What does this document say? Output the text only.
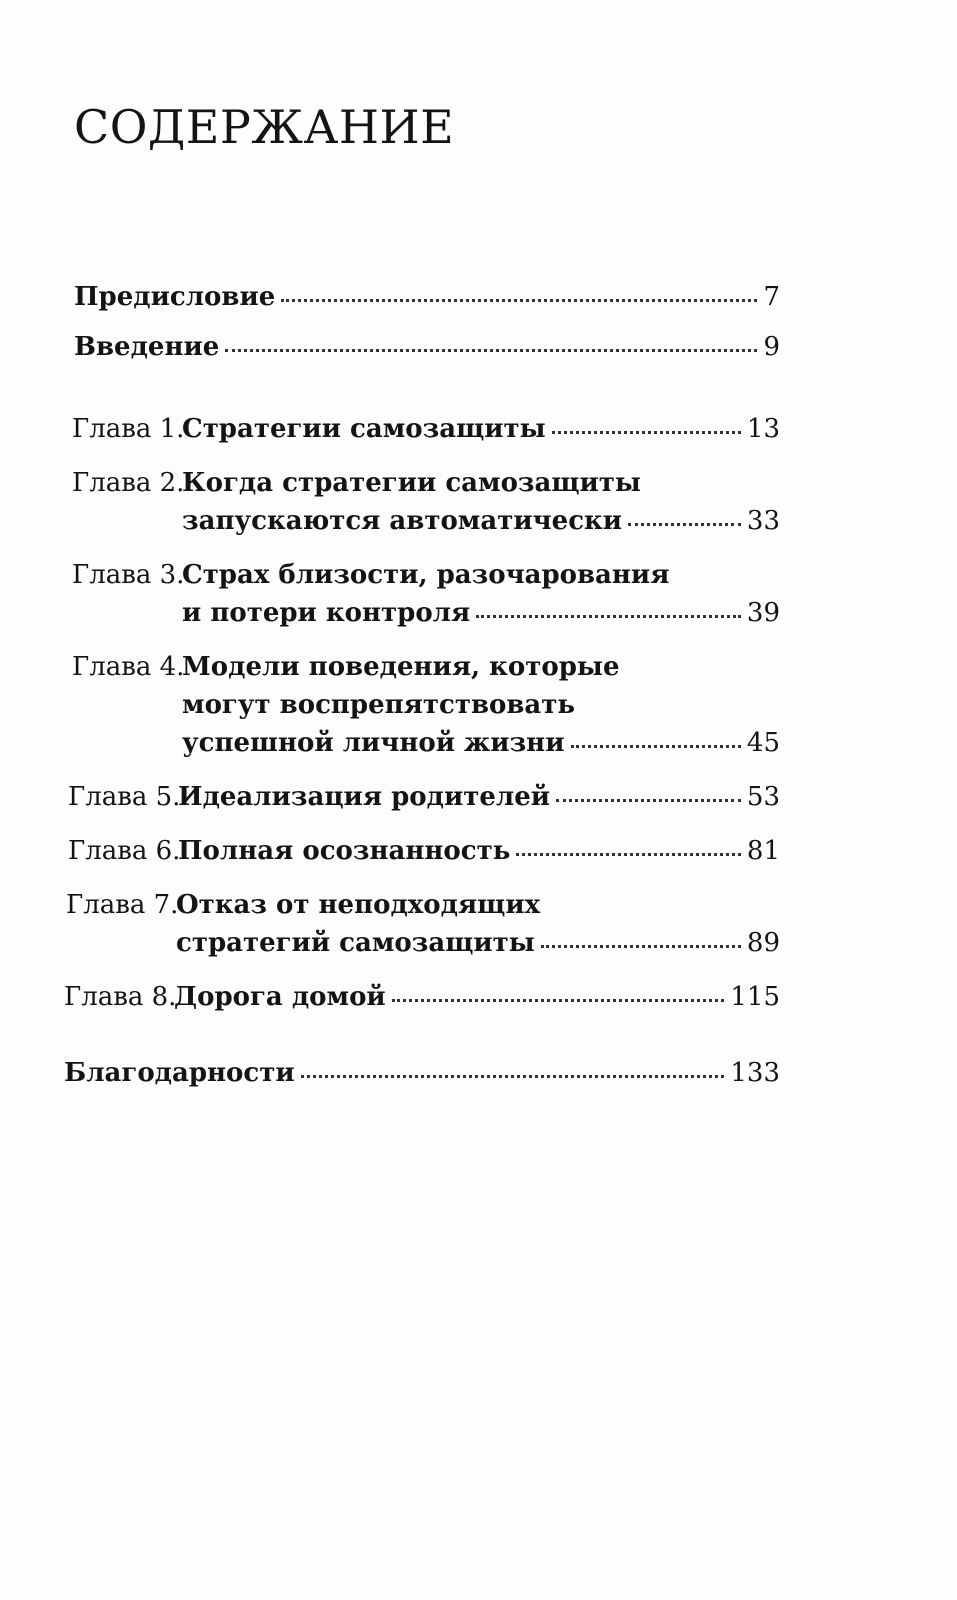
СОДЕРЖАНИЕ
Предисловие	7
Введение	9
Глава 1.
Стратегии самозащиты	13
Глава 2.
Когда стратегии самозащиты
запускаются автоматически	33
Глава 3.
Страх близости, разочарования
и потери контроля	39
Глава 4.
Модели поведения, которые
могут воспрепятствовать
успешной личной жизни	45
Глава 5.
Идеализация родителей	53
Глава 6.
Полная осознанность	81
Глава 7.
Отказ от неподходящих
стратегий самозащиты	89
Глава 8.
Дорога домой	115
Благодарности	133
